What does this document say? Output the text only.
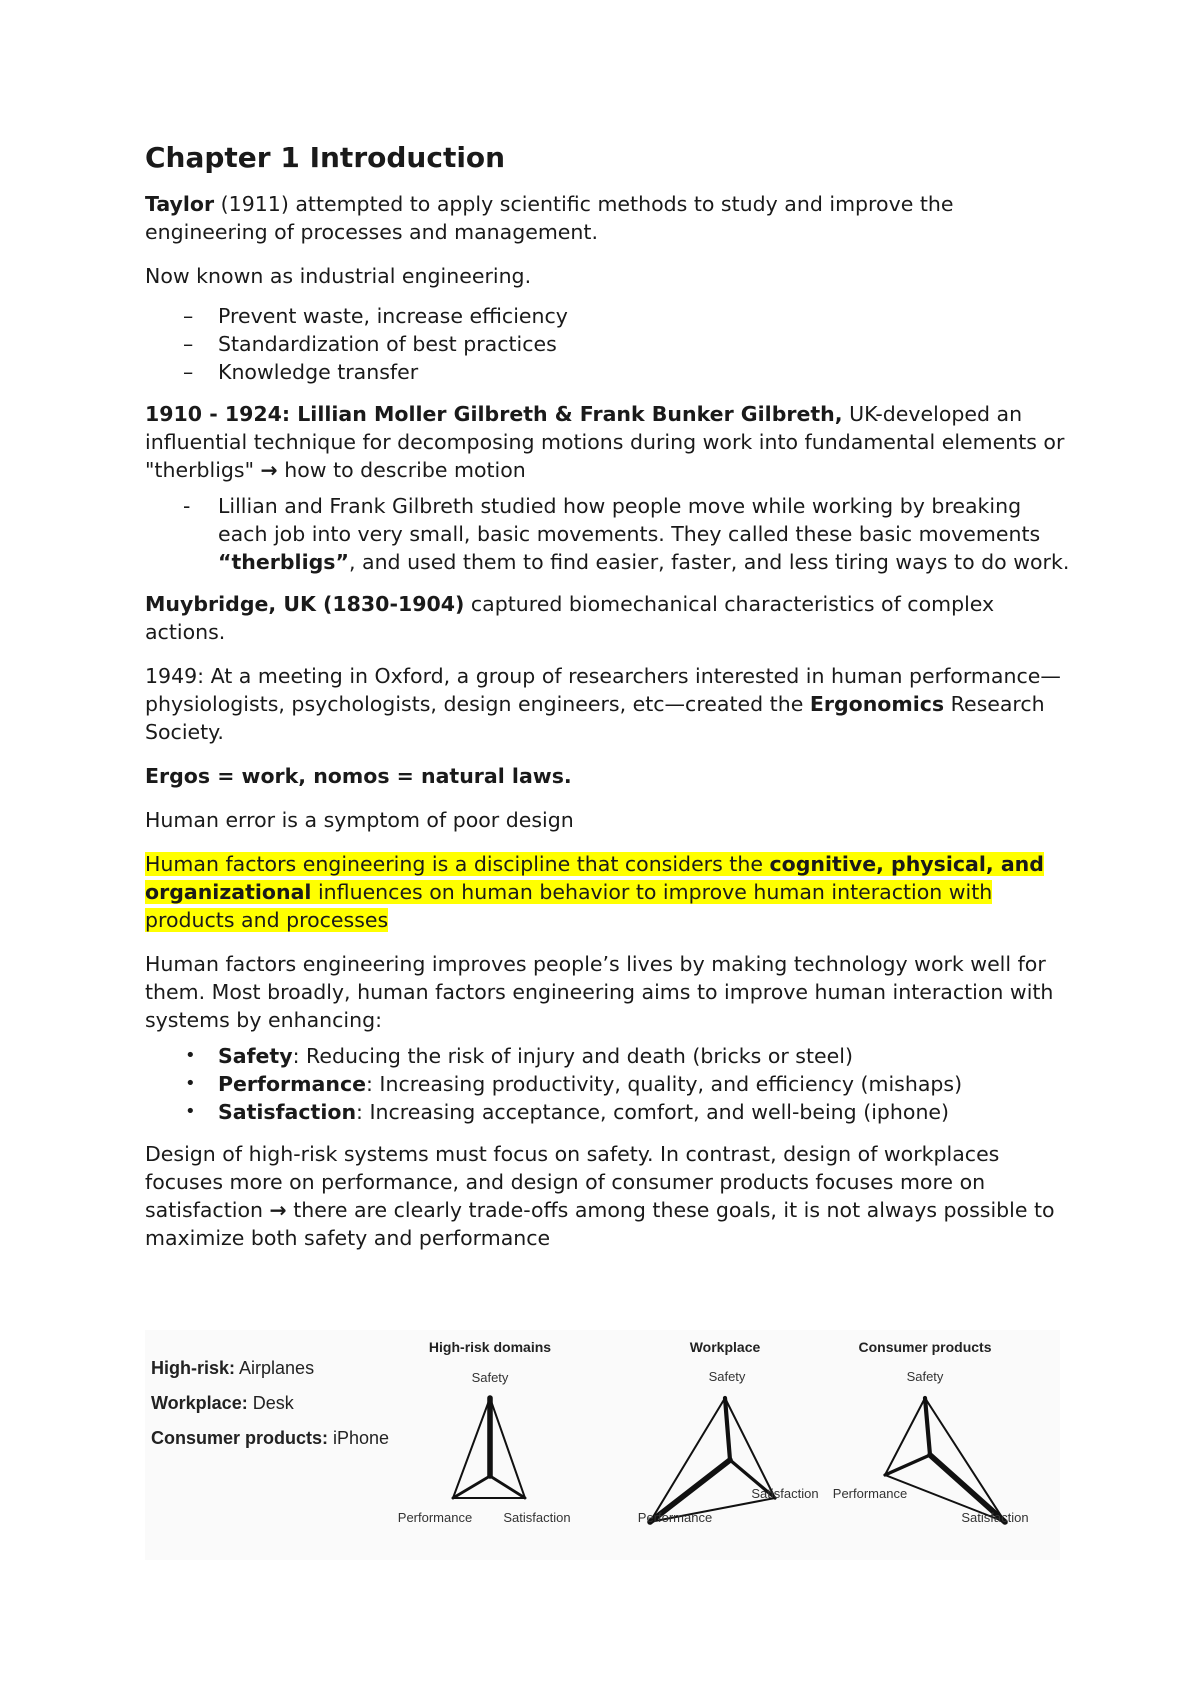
Chapter 1 Introduction

Taylor (1911) attempted to apply scientific methods to study and improve the engineering of processes and management.

Now known as industrial engineering.

– Prevent waste, increase efficiency
– Standardization of best practices
– Knowledge transfer

1910 - 1924: Lillian Moller Gilbreth & Frank Bunker Gilbreth, UK-developed an influential technique for decomposing motions during work into fundamental elements or "therbligs" → how to describe motion

- Lillian and Frank Gilbreth studied how people move while working by breaking each job into very small, basic movements. They called these basic movements “therbligs”, and used them to find easier, faster, and less tiring ways to do work.

Muybridge, UK (1830-1904) captured biomechanical characteristics of complex actions.

1949: At a meeting in Oxford, a group of researchers interested in human performance—physiologists, psychologists, design engineers, etc—created the Ergonomics Research Society.

Ergos = work, nomos = natural laws.

Human error is a symptom of poor design

Human factors engineering is a discipline that considers the cognitive, physical, and organizational influences on human behavior to improve human interaction with products and processes

Human factors engineering improves people’s lives by making technology work well for them. Most broadly, human factors engineering aims to improve human interaction with systems by enhancing:

• Safety: Reducing the risk of injury and death (bricks or steel)
• Performance: Increasing productivity, quality, and efficiency (mishaps)
• Satisfaction: Increasing acceptance, comfort, and well-being (iphone)

Design of high-risk systems must focus on safety. In contrast, design of workplaces focuses more on performance, and design of consumer products focuses more on satisfaction → there are clearly trade-offs among these goals, it is not always possible to maximize both safety and performance

High-risk: Airplanes
Workplace: Desk
Consumer products: iPhone
High-risk domains
Safety
Performance Satisfaction
Workplace
Safety
Performance
Satisfaction
Consumer products
Safety
Performance
Satisfaction
